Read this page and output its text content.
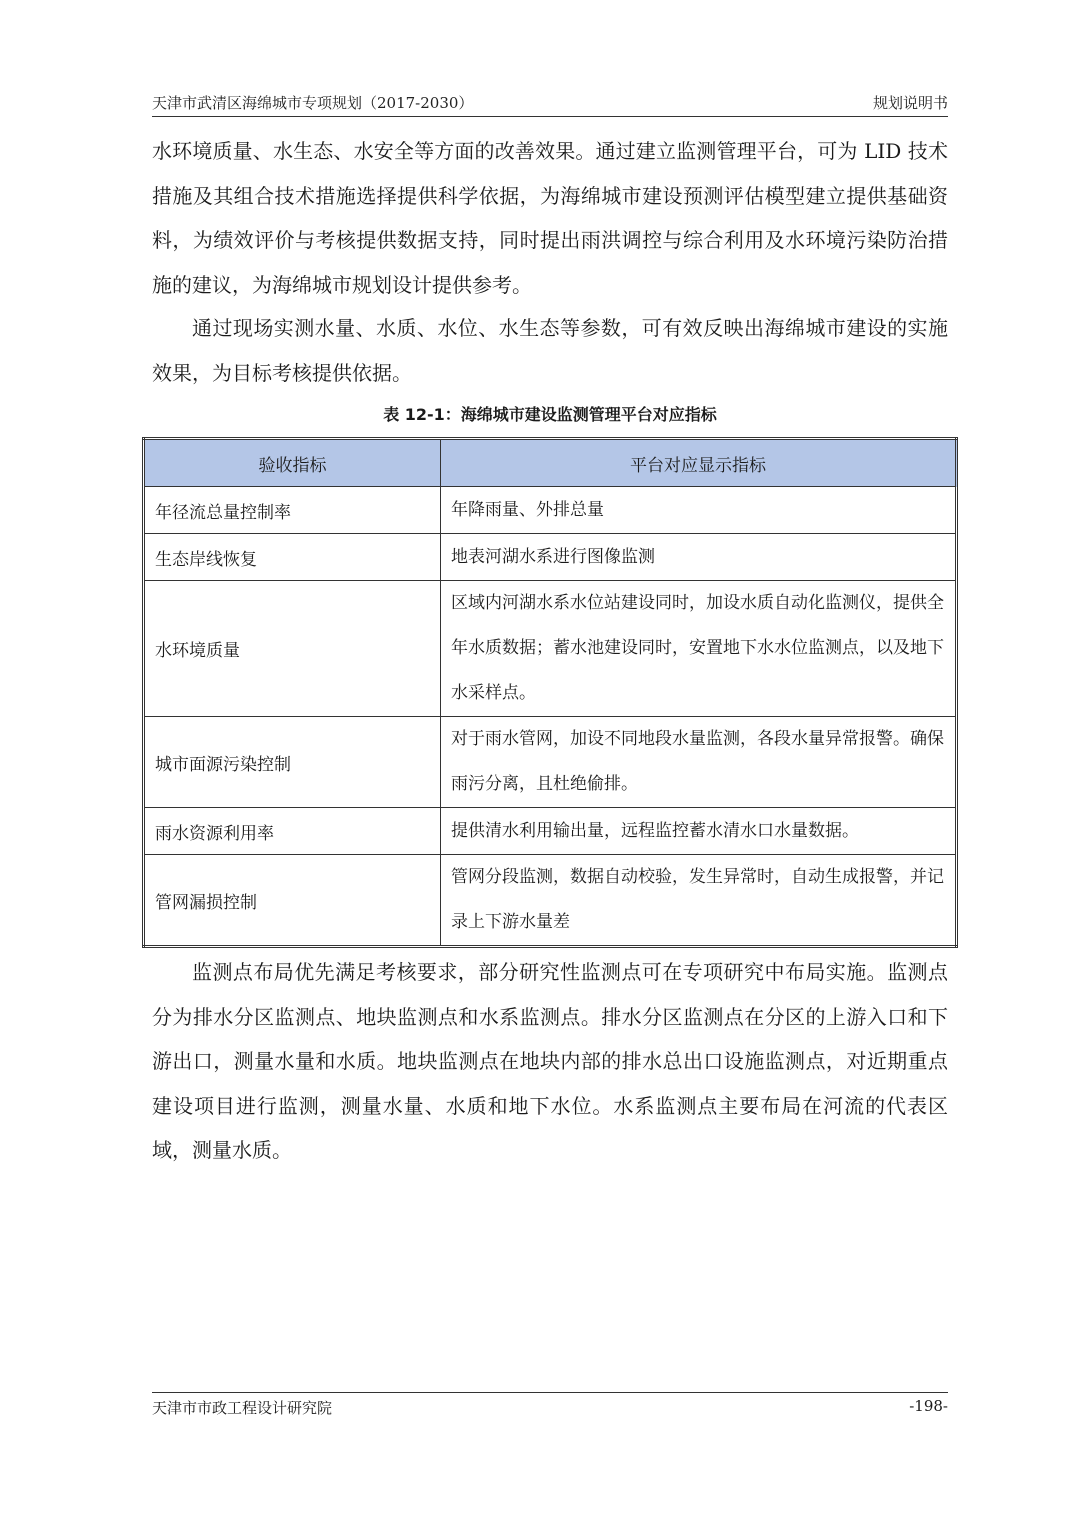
天津市武清区海绵城市专项规划（2017-2030）	规划说明书

水环境质量、水生态、水安全等方面的改善效果。通过建立监测管理平台，可为 LID 技术措施及其组合技术措施选择提供科学依据，为海绵城市建设预测评估模型建立提供基础资料，为绩效评价与考核提供数据支持，同时提出雨洪调控与综合利用及水环境污染防治措施的建议，为海绵城市规划设计提供参考。

通过现场实测水量、水质、水位、水生态等参数，可有效反映出海绵城市建设的实施效果，为目标考核提供依据。

表 12-1：海绵城市建设监测管理平台对应指标
验收指标	平台对应显示指标
年径流总量控制率	年降雨量、外排总量
生态岸线恢复	地表河湖水系进行图像监测
水环境质量	区域内河湖水系水位站建设同时，加设水质自动化监测仪，提供全年水质数据；蓄水池建设同时，安置地下水水位监测点，以及地下水采样点。
城市面源污染控制	对于雨水管网，加设不同地段水量监测，各段水量异常报警。确保雨污分离，且杜绝偷排。
雨水资源利用率	提供清水利用输出量，远程监控蓄水清水口水量数据。
管网漏损控制	管网分段监测，数据自动校验，发生异常时，自动生成报警，并记录上下游水量差

监测点布局优先满足考核要求，部分研究性监测点可在专项研究中布局实施。监测点分为排水分区监测点、地块监测点和水系监测点。排水分区监测点在分区的上游入口和下游出口，测量水量和水质。地块监测点在地块内部的排水总出口设施监测点，对近期重点建设项目进行监测，测量水量、水质和地下水位。水系监测点主要布局在河流的代表区域，测量水质。

天津市市政工程设计研究院	-198-
